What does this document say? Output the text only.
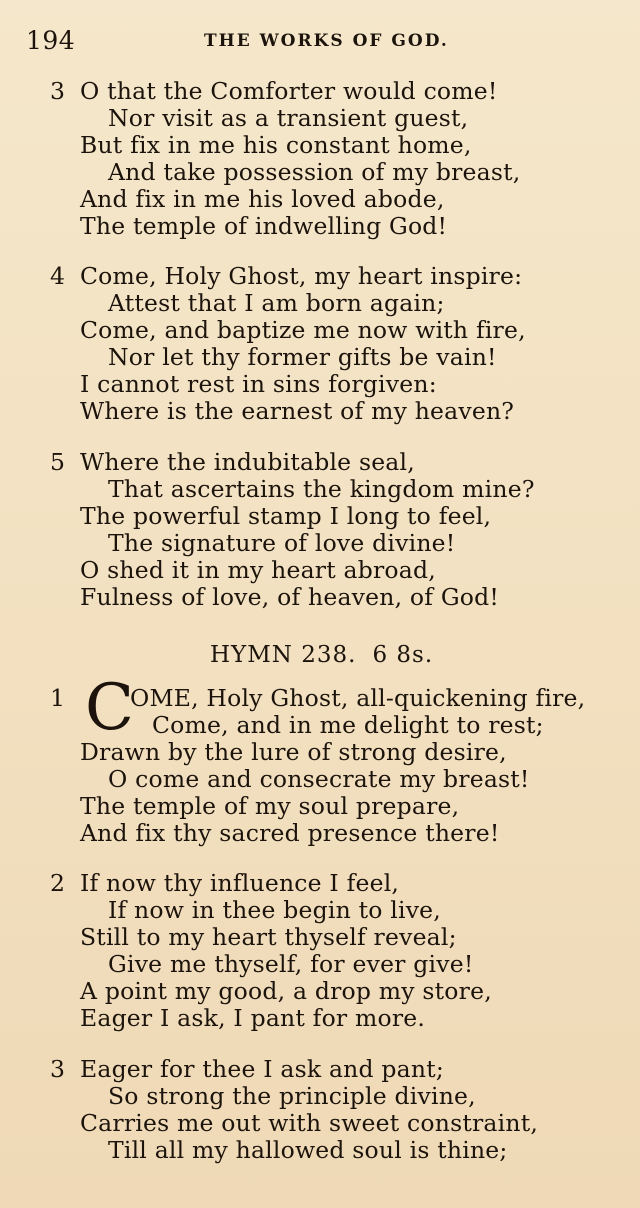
194	THE WORKS OF GOD.
3 O that the Comforter would come!
Nor visit as a transient guest,
But fix in me his constant home,
And take possession of my breast,
And fix in me his loved abode,
The temple of indwelling God!
4 Come, Holy Ghost, my heart inspire:
Attest that I am born again;
Come, and baptize me now with fire,
Nor let thy former gifts be vain!
I cannot rest in sins forgiven:
Where is the earnest of my heaven?
5 Where the indubitable seal,
That ascertains the kingdom mine?
The powerful stamp I long to feel,
The signature of love divine!
O shed it in my heart abroad,
Fulness of love, of heaven, of God!
HYMN 238. 6 8s.
1 C
OME, Holy Ghost, all-quickening fire,
Come, and in me delight to rest;
Drawn by the lure of strong desire,
O come and consecrate my breast!
The temple of my soul prepare,
And fix thy sacred presence there!
2 If now thy influence I feel,
If now in thee begin to live,
Still to my heart thyself reveal;
Give me thyself, for ever give!
A point my good, a drop my store,
Eager I ask, I pant for more.
3 Eager for thee I ask and pant;
So strong the principle divine,
Carries me out with sweet constraint,
Till all my hallowed soul is thine;
